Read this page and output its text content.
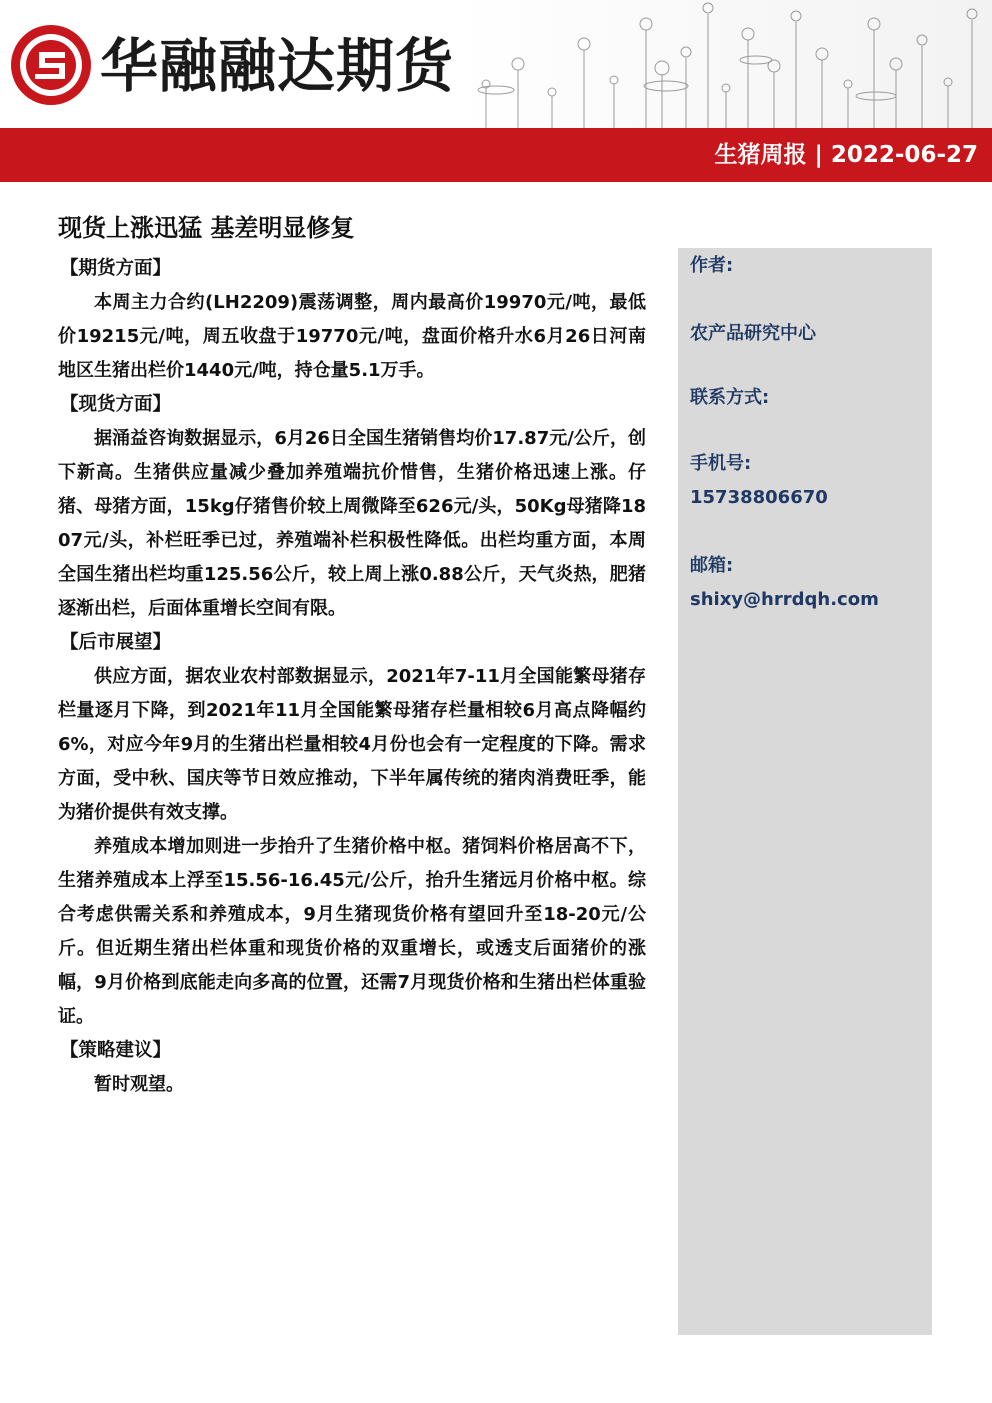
华融融达期货
生猪周报 | 2022-06-27
现货上涨迅猛 基差明显修复
【期货方面】

本周主力合约(LH2209)震荡调整，周内最高价19970元/吨，最低价19215元/吨，周五收盘于19770元/吨，盘面价格升水6月26日河南地区生猪出栏价1440元/吨，持仓量5.1万手。

【现货方面】

据涌益咨询数据显示，6月26日全国生猪销售均价17.87元/公斤，创下新高。生猪供应量减少叠加养殖端抗价惜售，生猪价格迅速上涨。仔猪、母猪方面，15kg仔猪售价较上周微降至626元/头，50Kg母猪降1807元/头，补栏旺季已过，养殖端补栏积极性降低。出栏均重方面，本周全国生猪出栏均重125.56公斤，较上周上涨0.88公斤，天气炎热，肥猪逐渐出栏，后面体重增长空间有限。

【后市展望】

供应方面，据农业农村部数据显示，2021年7-11月全国能繁母猪存栏量逐月下降，到2021年11月全国能繁母猪存栏量相较6月高点降幅约6%，对应今年9月的生猪出栏量相较4月份也会有一定程度的下降。需求方面，受中秋、国庆等节日效应推动，下半年属传统的猪肉消费旺季，能为猪价提供有效支撑。

养殖成本增加则进一步抬升了生猪价格中枢。猪饲料价格居高不下，生猪养殖成本上浮至15.56-16.45元/公斤，抬升生猪远月价格中枢。综合考虑供需关系和养殖成本，9月生猪现货价格有望回升至18-20元/公斤。但近期生猪出栏体重和现货价格的双重增长，或透支后面猪价的涨幅，9月价格到底能走向多高的位置，还需7月现货价格和生猪出栏体重验证。

【策略建议】

暂时观望。

作者:
农产品研究中心
联系方式:
手机号:
15738806670
邮箱:
shixy@hrrdqh.com
